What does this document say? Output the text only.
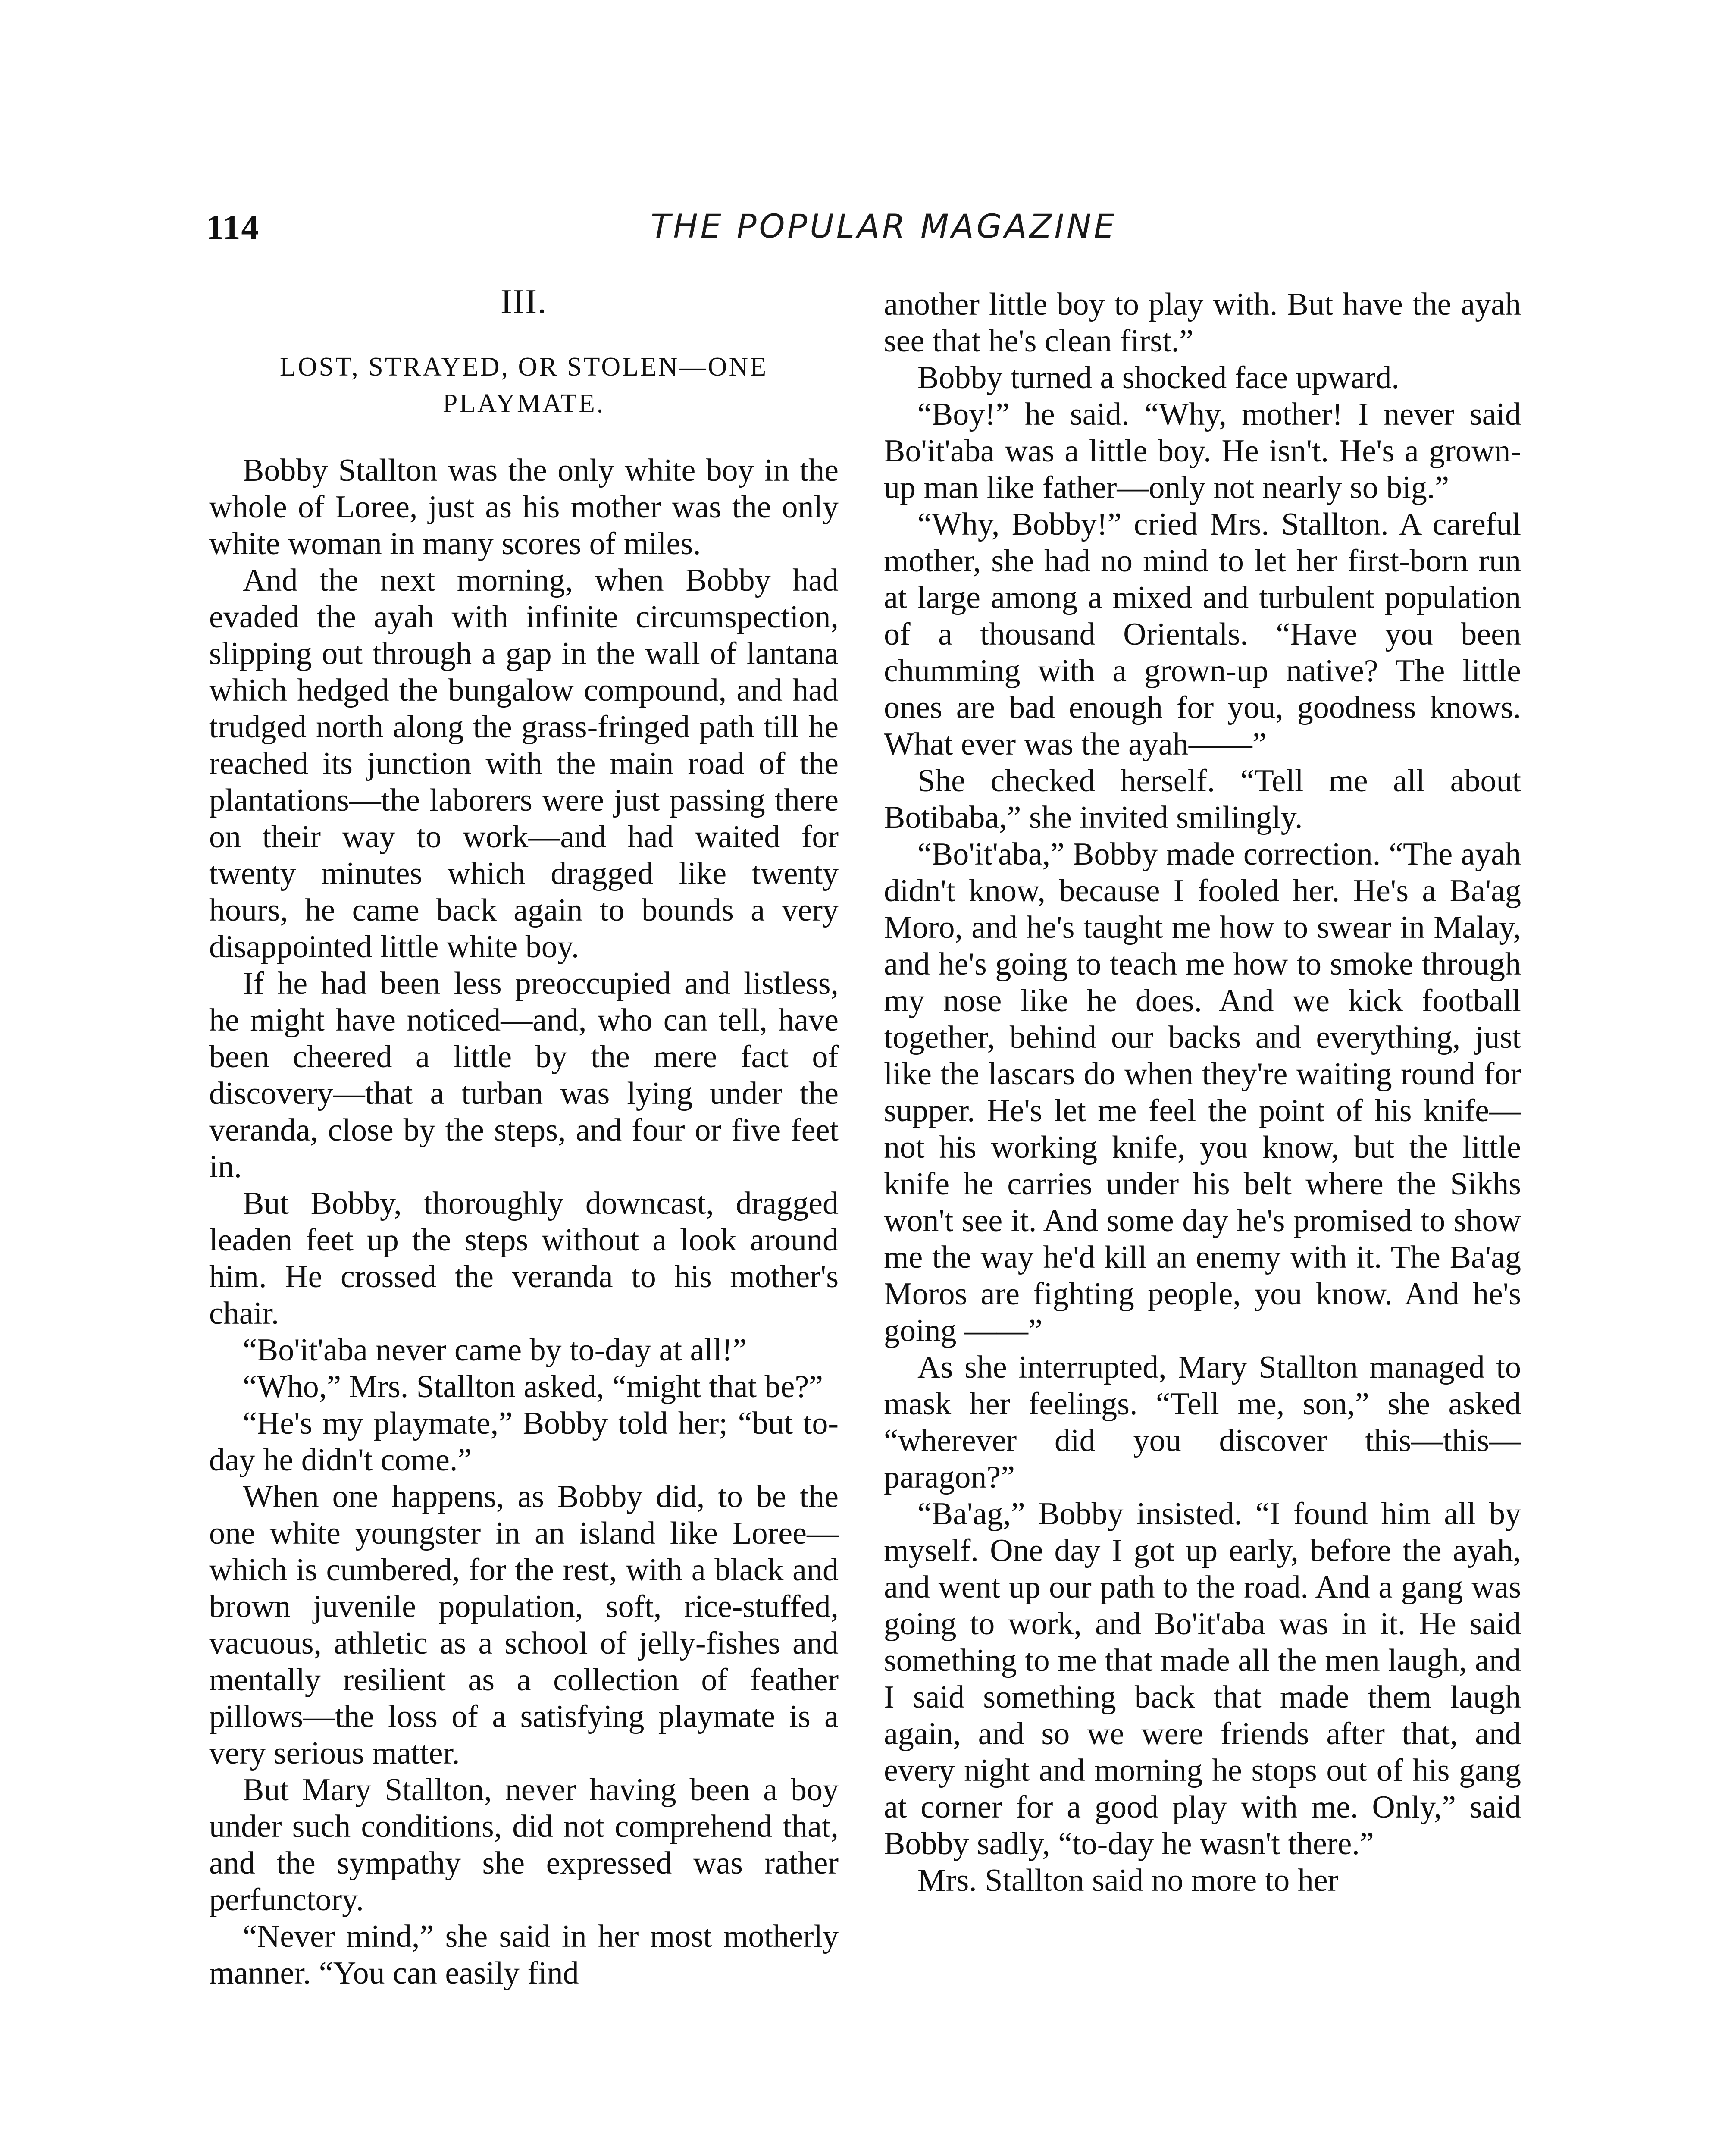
114	THE POPULAR MAGAZINE
III.
LOST, STRAYED, OR STOLEN—ONE PLAYMATE.

Bobby Stallton was the only white boy in the whole of Loree, just as his mother was the only white woman in many scores of miles.

And the next morning, when Bobby had evaded the ayah with infinite circumspection, slipping out through a gap in the wall of lantana which hedged the bungalow compound, and had trudged north along the grass-fringed path till he reached its junction with the main road of the plantations—the laborers were just passing there on their way to work—and had waited for twenty minutes which dragged like twenty hours, he came back again to bounds a very disappointed little white boy.

If he had been less preoccupied and listless, he might have noticed—and, who can tell, have been cheered a little by the mere fact of discovery—that a turban was lying under the veranda, close by the steps, and four or five feet in.

But Bobby, thoroughly downcast, dragged leaden feet up the steps without a look around him. He crossed the veranda to his mother's chair.

“Bo'it'aba never came by to-day at all!”

“Who,” Mrs. Stallton asked, “might that be?”

“He's my playmate,” Bobby told her; “but to-day he didn't come.”

When one happens, as Bobby did, to be the one white youngster in an island like Loree—which is cumbered, for the rest, with a black and brown juvenile population, soft, rice-stuffed, vacuous, athletic as a school of jelly-fishes and mentally resilient as a collection of feather pillows—the loss of a satisfying playmate is a very serious matter.

But Mary Stallton, never having been a boy under such conditions, did not comprehend that, and the sympathy she expressed was rather perfunctory.

“Never mind,” she said in her most motherly manner. “You can easily find

another little boy to play with. But have the ayah see that he's clean first.”

Bobby turned a shocked face upward.

“Boy!” he said. “Why, mother! I never said Bo'it'aba was a little boy. He isn't. He's a grown-up man like father—only not nearly so big.”

“Why, Bobby!” cried Mrs. Stallton. A careful mother, she had no mind to let her first-born run at large among a mixed and turbulent population of a thousand Orientals. “Have you been chumming with a grown-up native? The little ones are bad enough for you, goodness knows. What ever was the ayah——”

She checked herself. “Tell me all about Botibaba,” she invited smilingly.

“Bo'it'aba,” Bobby made correction. “The ayah didn't know, because I fooled her. He's a Ba'ag Moro, and he's taught me how to swear in Malay, and he's going to teach me how to smoke through my nose like he does. And we kick football together, behind our backs and everything, just like the lascars do when they're waiting round for supper. He's let me feel the point of his knife—not his working knife, you know, but the little knife he carries under his belt where the Sikhs won't see it. And some day he's promised to show me the way he'd kill an enemy with it. The Ba'ag Moros are fighting people, you know. And he's going ——”

As she interrupted, Mary Stallton managed to mask her feelings. “Tell me, son,” she asked “wherever did you discover this—this—paragon?”

“Ba'ag,” Bobby insisted. “I found him all by myself. One day I got up early, before the ayah, and went up our path to the road. And a gang was going to work, and Bo'it'aba was in it. He said something to me that made all the men laugh, and I said something back that made them laugh again, and so we were friends after that, and every night and morning he stops out of his gang at corner for a good play with me. Only,” said Bobby sadly, “to-day he wasn't there.”

Mrs. Stallton said no more to her
